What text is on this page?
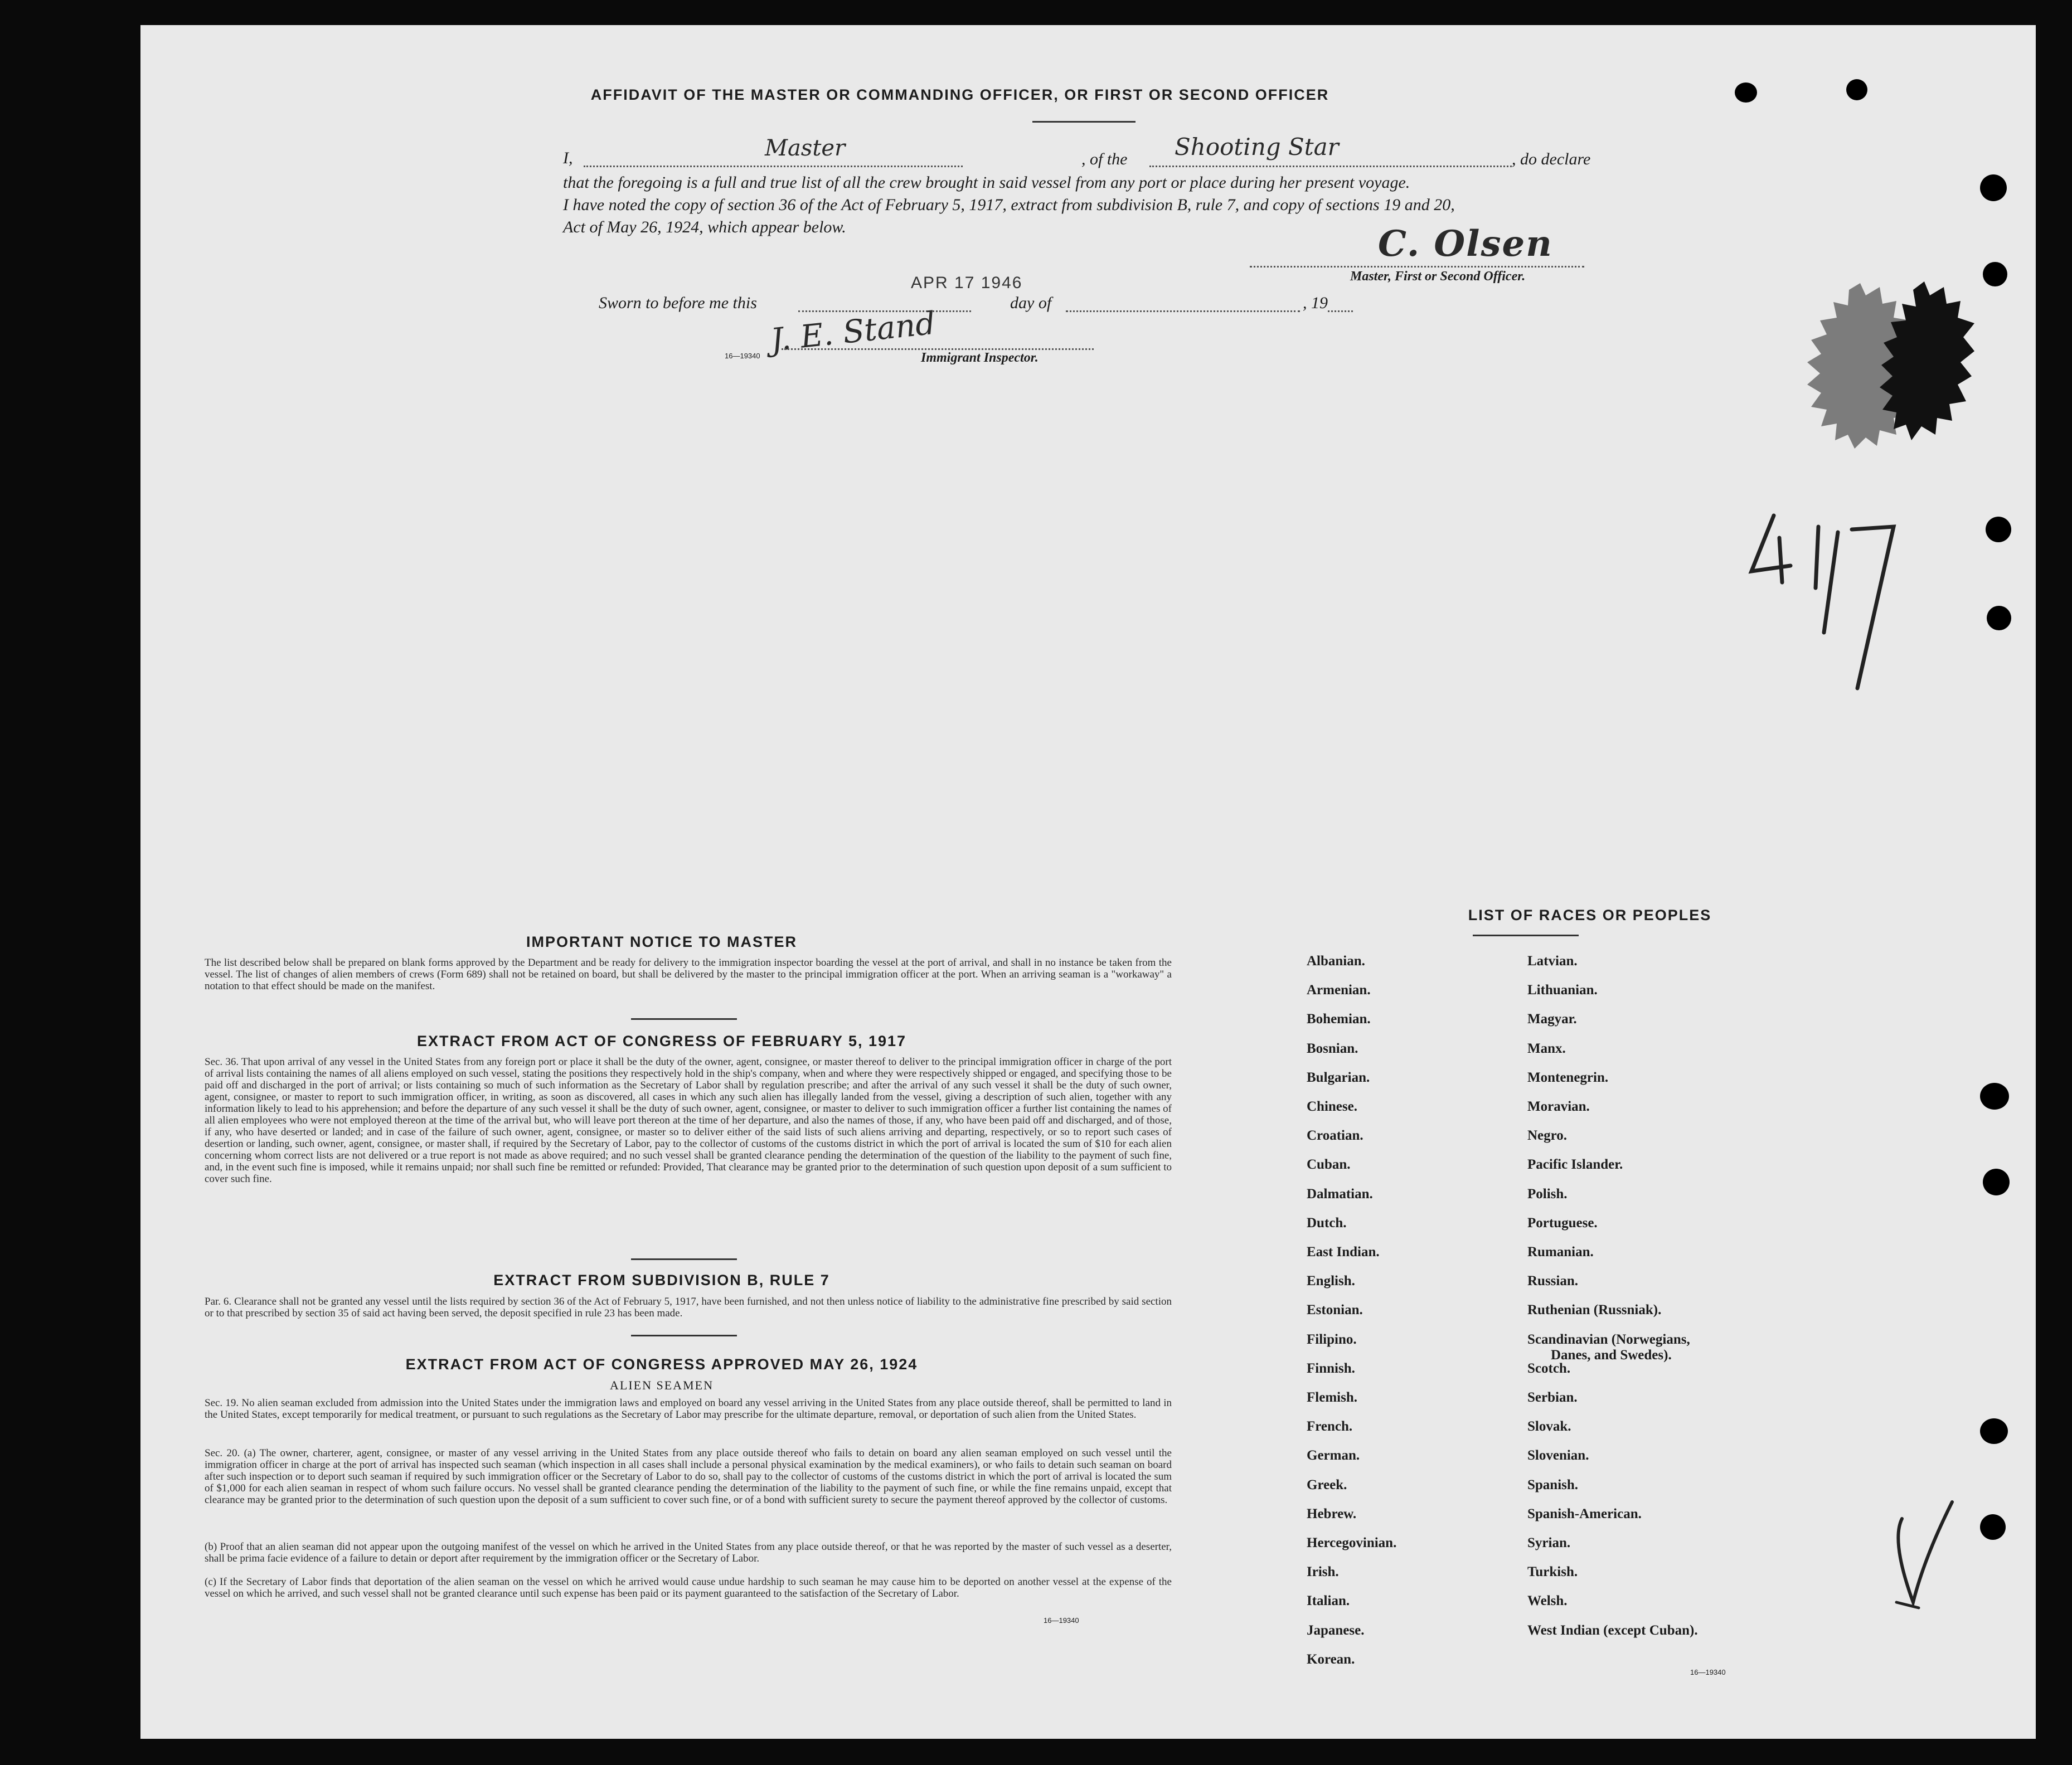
AFFIDAVIT OF THE MASTER OR COMMANDING OFFICER, OR FIRST OR SECOND OFFICER
I,	Master	, of the Shooting Star	, do declare
that the foregoing is a full and true list of all the crew brought in said vessel from any port or place during her present voyage.
I have noted the copy of section 36 of the Act of February 5, 1917, extract from subdivision B, rule 7, and copy of sections 19 and 20,
Act of May 26, 1924, which appear below.	C. Olsen
Master, First or Second Officer.
Sworn to before me this
APR 17 1946
day of	, 19
J. E. Stand
16—19340	Immigrant Inspector.
IMPORTANT NOTICE TO MASTER
The list described below shall be prepared on blank forms approved by the Department and be ready for delivery to the immigration inspector boarding the vessel at the port of arrival, and shall in no instance be taken from the vessel. The list of changes of alien members of crews (Form 689) shall not be retained on board, but shall be delivered by the master to the principal immigration officer at the port. When an arriving seaman is a "workaway" a notation to that effect should be made on the manifest.
EXTRACT FROM ACT OF CONGRESS OF FEBRUARY 5, 1917
Sec. 36. That upon arrival of any vessel in the United States from any foreign port or place it shall be the duty of the owner, agent, consignee, or master thereof to deliver to the principal immigration officer in charge of the port of arrival lists containing the names of all aliens employed on such vessel, stating the positions they respectively hold in the ship's company, when and where they were respectively shipped or engaged, and specifying those to be paid off and discharged in the port of arrival; or lists containing so much of such information as the Secretary of Labor shall by regulation prescribe; and after the arrival of any such vessel it shall be the duty of such owner, agent, consignee, or master to report to such immigration officer, in writing, as soon as discovered, all cases in which any such alien has illegally landed from the vessel, giving a description of such alien, together with any information likely to lead to his apprehension; and before the departure of any such vessel it shall be the duty of such owner, agent, consignee, or master to deliver to such immigration officer a further list containing the names of all alien employees who were not employed thereon at the time of the arrival but, who will leave port thereon at the time of her departure, and also the names of those, if any, who have been paid off and discharged, and of those, if any, who have deserted or landed; and in case of the failure of such owner, agent, consignee, or master so to deliver either of the said lists of such aliens arriving and departing, respectively, or so to report such cases of desertion or landing, such owner, agent, consignee, or master shall, if required by the Secretary of Labor, pay to the collector of customs of the customs district in which the port of arrival is located the sum of $10 for each alien concerning whom correct lists are not delivered or a true report is not made as above required; and no such vessel shall be granted clearance pending the determination of the question of the liability to the payment of such fine, and, in the event such fine is imposed, while it remains unpaid; nor shall such fine be remitted or refunded: Provided, That clearance may be granted prior to the determination of such question upon deposit of a sum sufficient to cover such fine.
EXTRACT FROM SUBDIVISION B, RULE 7
Par. 6. Clearance shall not be granted any vessel until the lists required by section 36 of the Act of February 5, 1917, have been furnished, and not then unless notice of liability to the administrative fine prescribed by said section or to that prescribed by section 35 of said act having been served, the deposit specified in rule 23 has been made.
EXTRACT FROM ACT OF CONGRESS APPROVED MAY 26, 1924
ALIEN SEAMEN
Sec. 19. No alien seaman excluded from admission into the United States under the immigration laws and employed on board any vessel arriving in the United States from any place outside thereof, shall be permitted to land in the United States, except temporarily for medical treatment, or pursuant to such regulations as the Secretary of Labor may prescribe for the ultimate departure, removal, or deportation of such alien from the United States.
Sec. 20. (a) The owner, charterer, agent, consignee, or master of any vessel arriving in the United States from any place outside thereof who fails to detain on board any alien seaman employed on such vessel until the immigration officer in charge at the port of arrival has inspected such seaman (which inspection in all cases shall include a personal physical examination by the medical examiners), or who fails to detain such seaman on board after such inspection or to deport such seaman if required by such immigration officer or the Secretary of Labor to do so, shall pay to the collector of customs of the customs district in which the port of arrival is located the sum of $1,000 for each alien seaman in respect of whom such failure occurs. No vessel shall be granted clearance pending the determination of the liability to the payment of such fine, or while the fine remains unpaid, except that clearance may be granted prior to the determination of such question upon the deposit of a sum sufficient to cover such fine, or of a bond with sufficient surety to secure the payment thereof approved by the collector of customs.
(b) Proof that an alien seaman did not appear upon the outgoing manifest of the vessel on which he arrived in the United States from any place outside thereof, or that he was reported by the master of such vessel as a deserter, shall be prima facie evidence of a failure to detain or deport after requirement by the immigration officer or the Secretary of Labor.
(c) If the Secretary of Labor finds that deportation of the alien seaman on the vessel on which he arrived would cause undue hardship to such seaman he may cause him to be deported on another vessel at the expense of the vessel on which he arrived, and such vessel shall not be granted clearance until such expense has been paid or its payment guaranteed to the satisfaction of the Secretary of Labor.
16—19340
LIST OF RACES OR PEOPLES
Albanian.
Armenian.
Bohemian.
Bosnian.
Bulgarian.
Chinese.
Croatian.
Cuban.
Dalmatian.
Dutch.
East Indian.
English.
Estonian.
Filipino.
Finnish.
Flemish.
French.
German.
Greek.
Hebrew.
Hercegovinian.
Irish.
Italian.
Japanese.
Korean.
Latvian.
Lithuanian.
Magyar.
Manx.
Montenegrin.
Moravian.
Negro.
Pacific Islander.
Polish.
Portuguese.
Rumanian.
Russian.
Ruthenian (Russniak).
Scandinavian (Norwegians,
Danes, and Swedes).
Scotch.
Serbian.
Slovak.
Slovenian.
Spanish.
Spanish-American.
Syrian.
Turkish.
Welsh.
West Indian (except Cuban).
16—19340
